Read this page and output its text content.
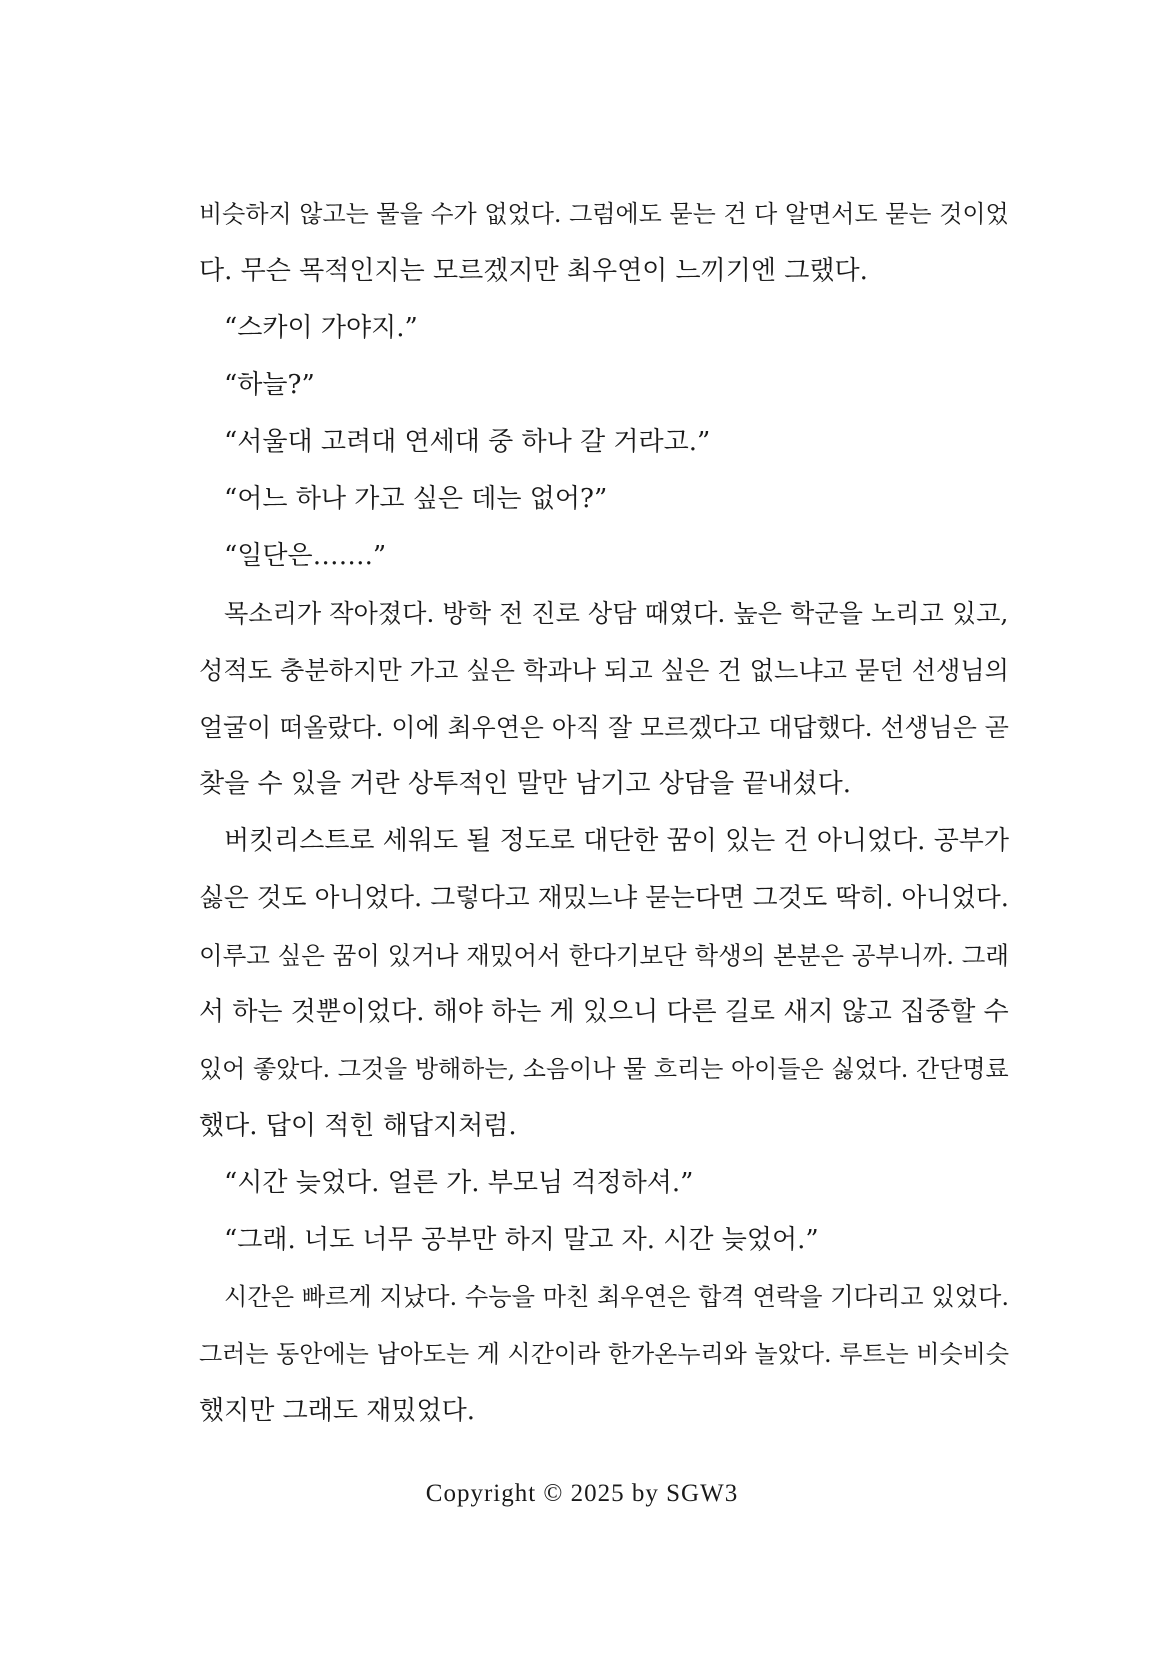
비슷하지 않고는 물을 수가 없었다. 그럼에도 묻는 건 다 알면서도 묻는 것이었
다. 무슨 목적인지는 모르겠지만 최우연이 느끼기엔 그랬다.
“스카이 가야지.”
“하늘?”
“서울대 고려대 연세대 중 하나 갈 거라고.”
“어느 하나 가고 싶은 데는 없어?”
“일단은…….”
목소리가 작아졌다. 방학 전 진로 상담 때였다. 높은 학군을 노리고 있고,
성적도 충분하지만 가고 싶은 학과나 되고 싶은 건 없느냐고 묻던 선생님의
얼굴이 떠올랐다. 이에 최우연은 아직 잘 모르겠다고 대답했다. 선생님은 곧
찾을 수 있을 거란 상투적인 말만 남기고 상담을 끝내셨다.
버킷리스트로 세워도 될 정도로 대단한 꿈이 있는 건 아니었다. 공부가
싫은 것도 아니었다. 그렇다고 재밌느냐 묻는다면 그것도 딱히. 아니었다.
이루고 싶은 꿈이 있거나 재밌어서 한다기보단 학생의 본분은 공부니까. 그래
서 하는 것뿐이었다. 해야 하는 게 있으니 다른 길로 새지 않고 집중할 수
있어 좋았다. 그것을 방해하는, 소음이나 물 흐리는 아이들은 싫었다. 간단명료
했다. 답이 적힌 해답지처럼.
“시간 늦었다. 얼른 가. 부모님 걱정하셔.”
“그래. 너도 너무 공부만 하지 말고 자. 시간 늦었어.”
시간은 빠르게 지났다. 수능을 마친 최우연은 합격 연락을 기다리고 있었다.
그러는 동안에는 남아도는 게 시간이라 한가온누리와 놀았다. 루트는 비슷비슷
했지만 그래도 재밌었다.
Copyright © 2025 by SGW3
